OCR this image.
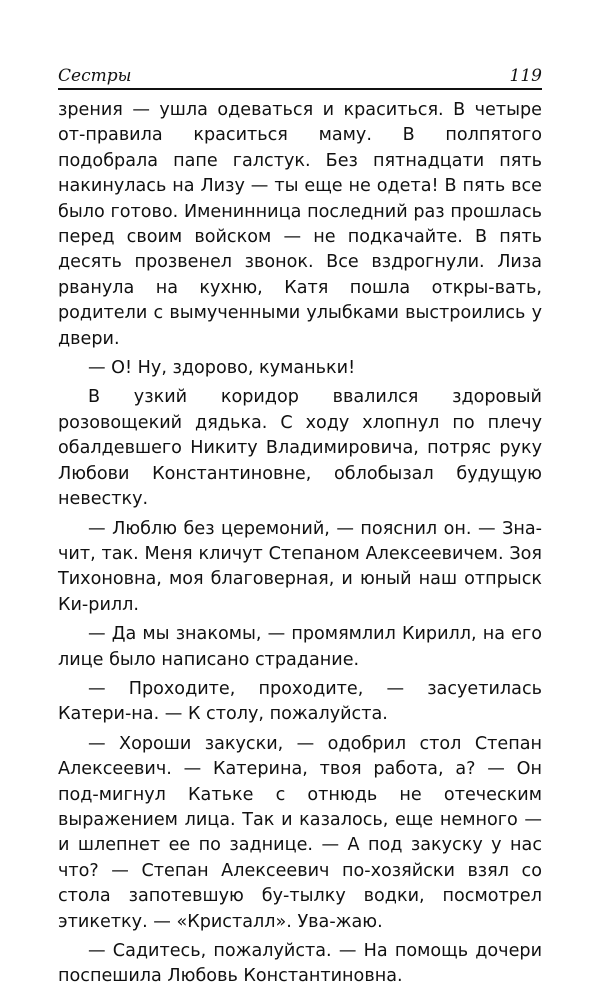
Сестры	119

зрения — ушла одеваться и краситься. В четыре от-правила краситься маму. В полпятого подобрала папе галстук. Без пятнадцати пять накинулась на Лизу — ты еще не одета! В пять все было готово. Именинница последний раз прошлась перед своим войском — не подкачайте. В пять десять прозвенел звонок. Все вздрогнули. Лиза рванула на кухню, Катя пошла откры-вать, родители с вымученными улыбками выстроились у двери.

— О! Ну, здорово, куманьки!

В узкий коридор ввалился здоровый розовощекий дядька. С ходу хлопнул по плечу обалдевшего Никиту Владимировича, потряс руку Любови Константиновне, облобызал будущую невестку.

— Люблю без церемоний, — пояснил он. — Зна-чит, так. Меня кличут Степаном Алексеевичем. Зоя Тихоновна, моя благоверная, и юный наш отпрыск Ки-рилл.

— Да мы знакомы, — промямлил Кирилл, на его лице было написано страдание.

— Проходите, проходите, — засуетилась Катери-на. — К столу, пожалуйста.

— Хороши закуски, — одобрил стол Степан Алексеевич. — Катерина, твоя работа, а? — Он под-мигнул Катьке с отнюдь не отеческим выражением лица. Так и казалось, еще немного — и шлепнет ее по заднице. — А под закуску у нас что? — Степан Алексеевич по-хозяйски взял со стола запотевшую бу-тылку водки, посмотрел этикетку. — «Кристалл». Ува-жаю.

— Садитесь, пожалуйста. — На помощь дочери поспешила Любовь Константиновна.
